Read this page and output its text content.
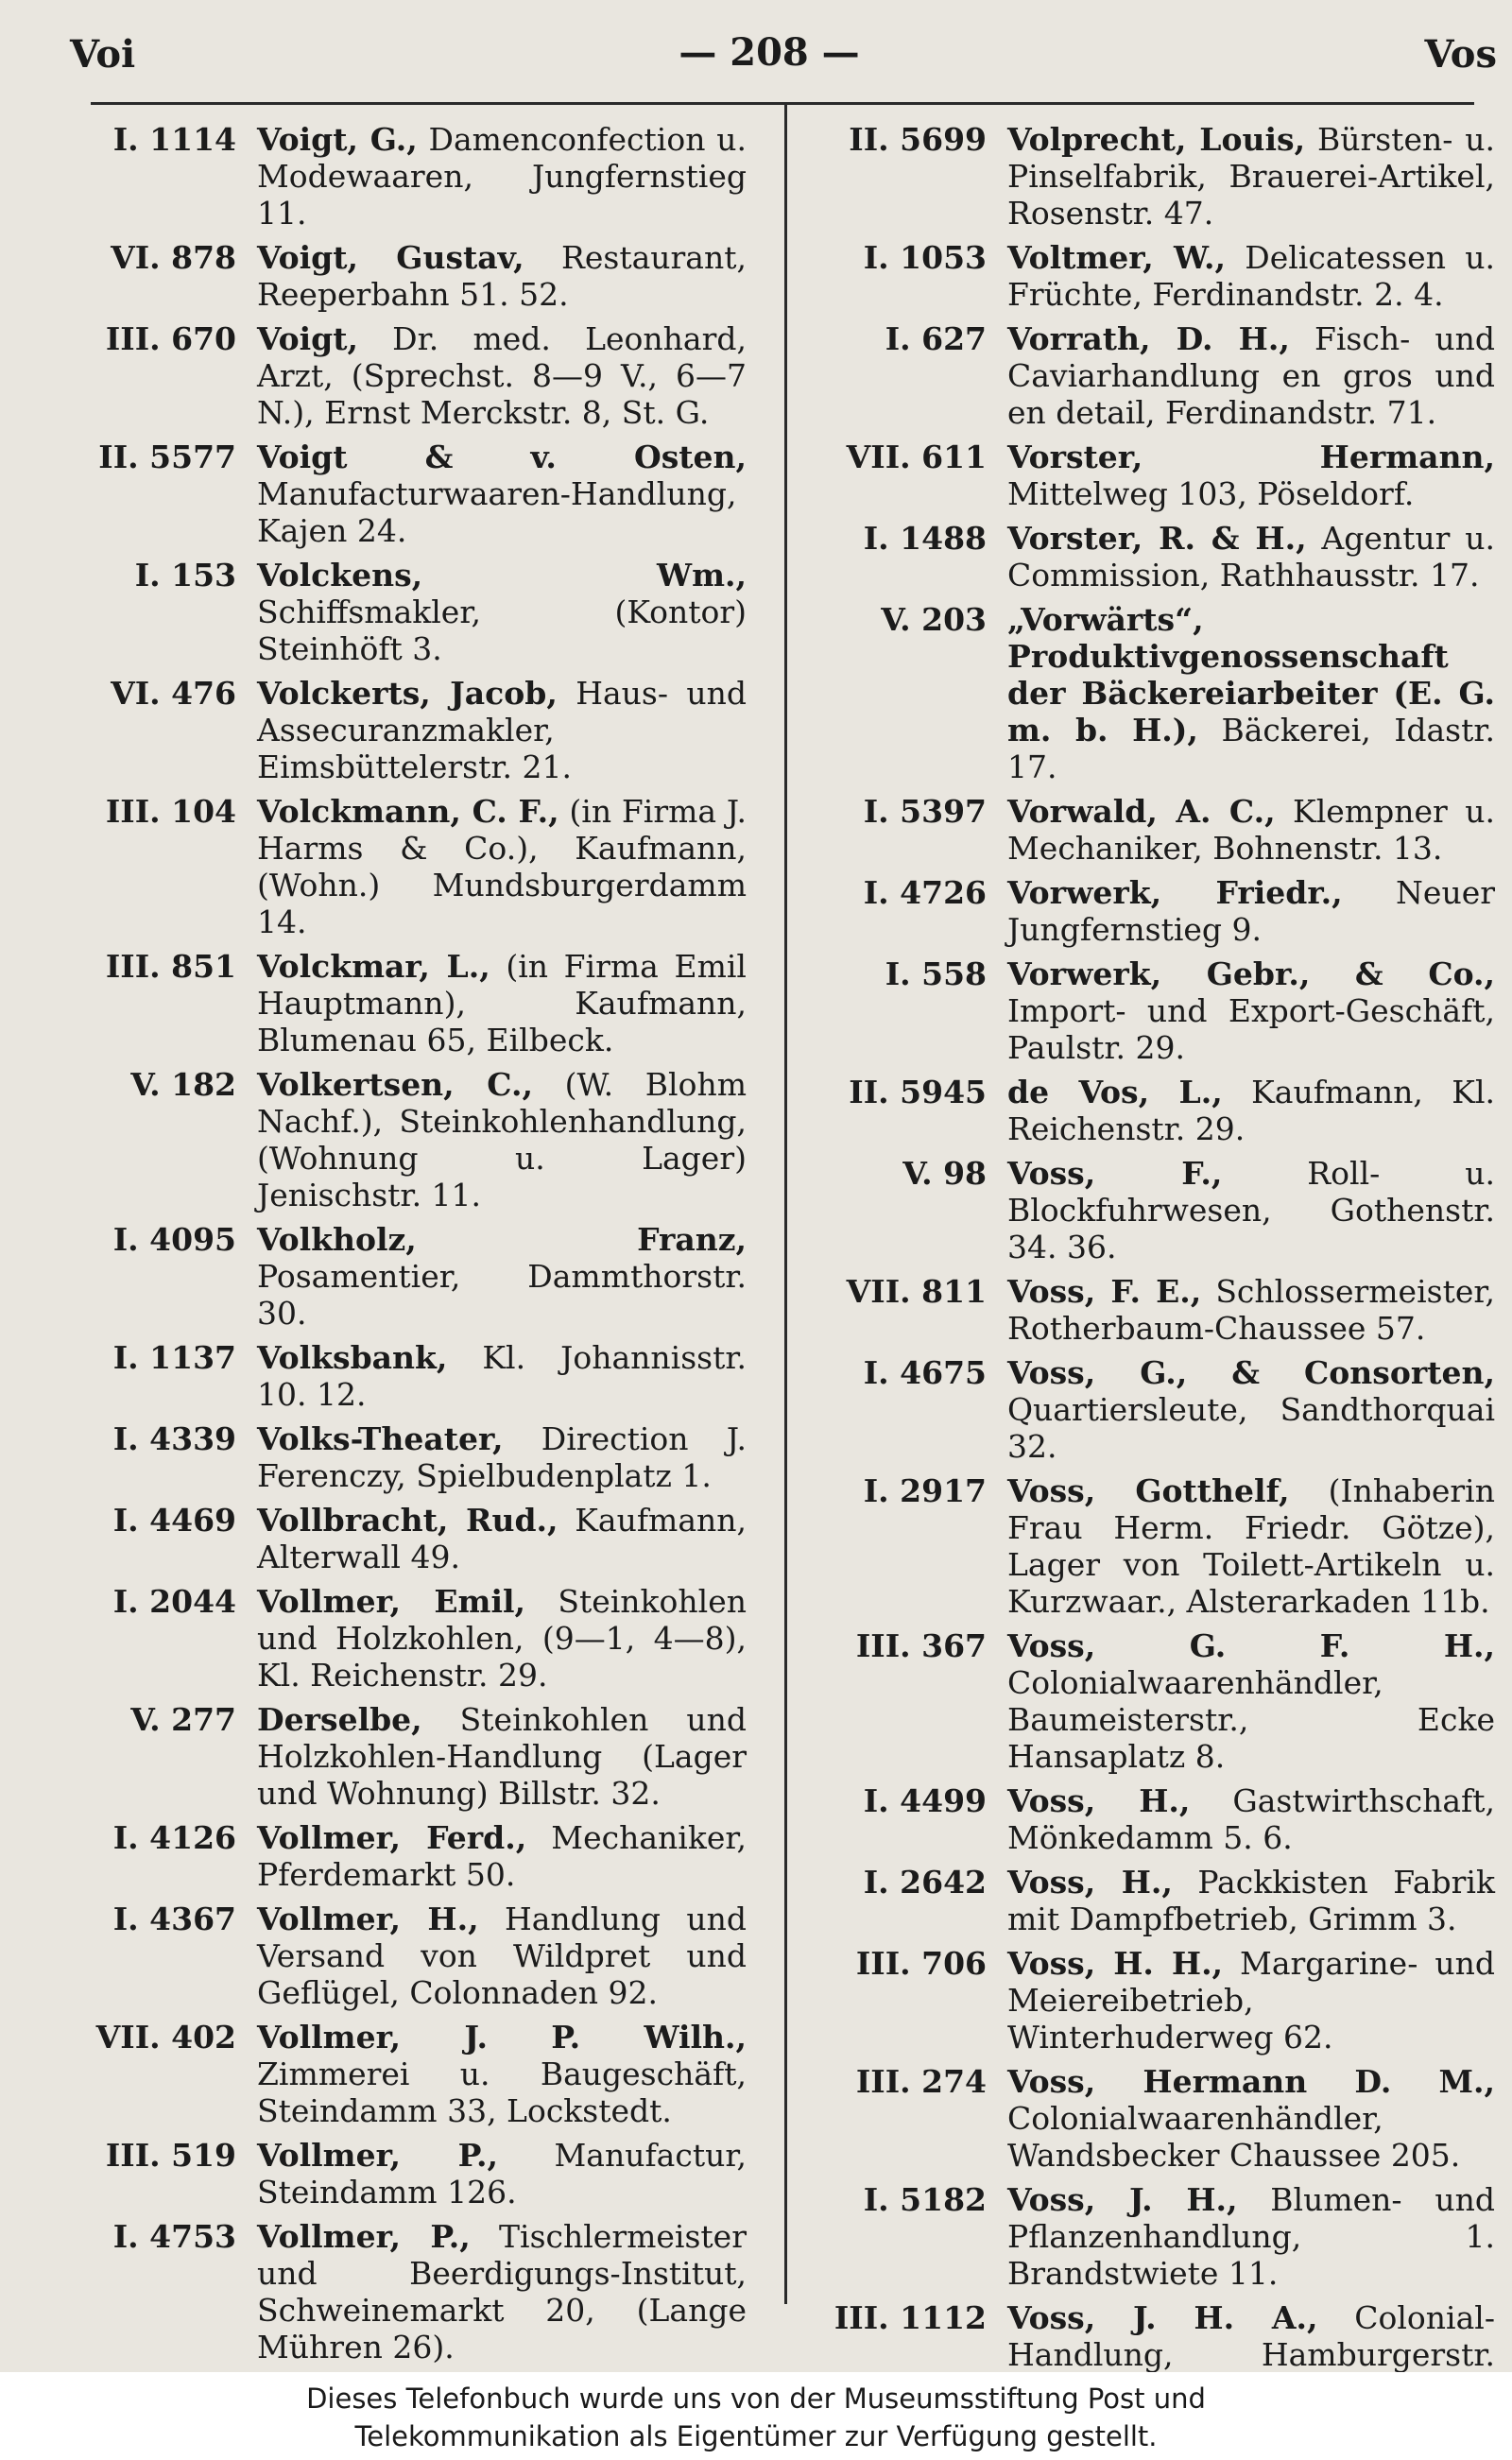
Voi	— 208 —	Vos
I. 1114 Voigt, G., Damenconfection u. Modewaaren, Jungfernstieg 11.
VI. 878 Voigt, Gustav, Restaurant, Reeperbahn 51. 52.
III. 670 Voigt, Dr. med. Leonhard, Arzt, (Sprechst. 8—9 V., 6—7 N.), Ernst Merckstr. 8, St. G.
II. 5577 Voigt & v. Osten, Manufacturwaaren-Handlung, Kajen 24.
I. 153 Volckens, Wm., Schiffsmakler, (Kontor) Steinhöft 3.
VI. 476 Volckerts, Jacob, Haus- und Assecuranzmakler, Eimsbüttelerstr. 21.
III. 104 Volckmann, C. F., (in Firma J. Harms & Co.), Kaufmann, (Wohn.) Mundsburgerdamm 14.
III. 851 Volckmar, L., (in Firma Emil Hauptmann), Kaufmann, Blumenau 65, Eilbeck.
V. 182 Volkertsen, C., (W. Blohm Nachf.), Steinkohlenhandlung, (Wohnung u. Lager) Jenischstr. 11.
I. 4095 Volkholz, Franz, Posamentier, Dammthorstr. 30.
I. 1137 Volksbank, Kl. Johannisstr. 10. 12.
I. 4339 Volks-Theater, Direction J. Ferenczy, Spielbudenplatz 1.
I. 4469 Vollbracht, Rud., Kaufmann, Alterwall 49.
I. 2044 Vollmer, Emil, Steinkohlen und Holzkohlen, (9—1, 4—8), Kl. Reichenstr. 29.
V. 277 Derselbe, Steinkohlen und Holzkohlen-Handlung (Lager und Wohnung) Billstr. 32.
I. 4126 Vollmer, Ferd., Mechaniker, Pferdemarkt 50.
I. 4367 Vollmer, H., Handlung und Versand von Wildpret und Geflügel, Colonnaden 92.
VII. 402 Vollmer, J. P. Wilh., Zimmerei u. Baugeschäft, Steindamm 33, Lockstedt.
III. 519 Vollmer, P., Manufactur, Steindamm 126.
I. 4753 Vollmer, P., Tischlermeister und Beerdigungs-Institut, Schweinemarkt 20, (Lange Mühren 26).
II. 5699 Volprecht, Louis, Bürsten- u. Pinselfabrik, Brauerei-Artikel, Rosenstr. 47.
I. 1053 Voltmer, W., Delicatessen u. Früchte, Ferdinandstr. 2. 4.
I. 627 Vorrath, D. H., Fisch- und Caviarhandlung en gros und en detail, Ferdinandstr. 71.
VII. 611 Vorster, Hermann, Mittelweg 103, Pöseldorf.
I. 1488 Vorster, R. & H., Agentur u. Commission, Rathhausstr. 17.
V. 203 „Vorwärts“, Produktivgenossenschaft der Bäckereiarbeiter (E. G. m. b. H.), Bäckerei, Idastr. 17.
I. 5397 Vorwald, A. C., Klempner u. Mechaniker, Bohnenstr. 13.
I. 4726 Vorwerk, Friedr., Neuer Jungfernstieg 9.
I. 558 Vorwerk, Gebr., & Co., Import- und Export-Geschäft, Paulstr. 29.
II. 5945 de Vos, L., Kaufmann, Kl. Reichenstr. 29.
V. 98 Voss, F., Roll- u. Blockfuhrwesen, Gothenstr. 34. 36.
VII. 811 Voss, F. E., Schlossermeister, Rotherbaum-Chaussee 57.
I. 4675 Voss, G., & Consorten, Quartiersleute, Sandthorquai 32.
I. 2917 Voss, Gotthelf, (Inhaberin Frau Herm. Friedr. Götze), Lager von Toilett-Artikeln u. Kurzwaar., Alsterarkaden 11b.
III. 367 Voss, G. F. H., Colonialwaarenhändler, Baumeisterstr., Ecke Hansaplatz 8.
I. 4499 Voss, H., Gastwirthschaft, Mönkedamm 5. 6.
I. 2642 Voss, H., Packkisten Fabrik mit Dampfbetrieb, Grimm 3.
III. 706 Voss, H. H., Margarine- und Meiereibetrieb, Winterhuderweg 62.
III. 274 Voss, Hermann D. M., Colonialwaarenhändler, Wandsbecker Chaussee 205.
I. 5182 Voss, J. H., Blumen- und Pflanzenhandlung, 1. Brandstwiete 11.
III. 1112 Voss, J. H. A., Colonial-Handlung, Hamburgerstr.
Dieses Telefonbuch wurde uns von der Museumsstiftung Post und
Telekommunikation als Eigentümer zur Verfügung gestellt.
